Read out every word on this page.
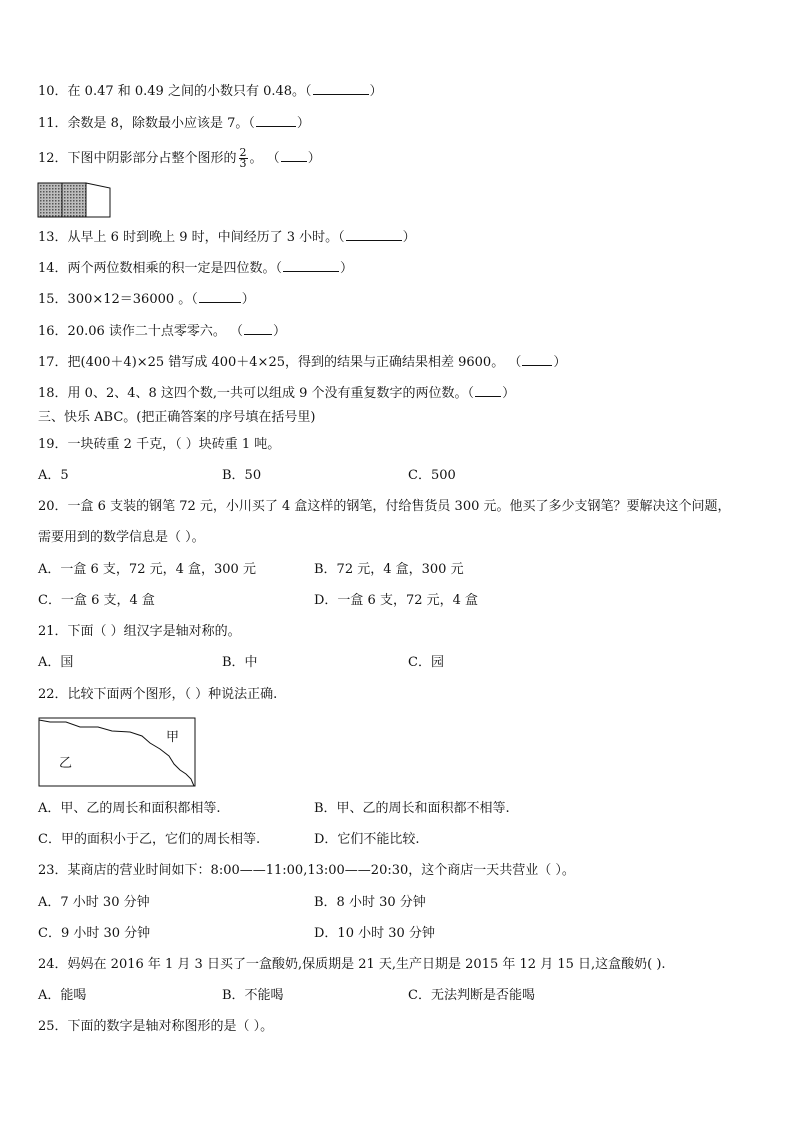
10．在 0.47 和 0.49 之间的小数只有 0.48。（	）
11．余数是 8，除数最小应该是 7。（	）
12．下图中阴影部分占整个图形的 $\frac{2}{3}$ 。 （ ）
13．从早上 6 时到晚上 9 时，中间经历了 3 小时。（	）
14．两个两位数相乘的积一定是四位数。（	）
15．300×12＝36000 。（	）
16．20.06 读作二十点零零六。 （ ）
17．把(400＋4)×25 错写成 400＋4×25，得到的结果与正确结果相差 9600。 （ ）
18．用 0、2、4、8 这四个数,一共可以组成 9 个没有重复数字的两位数。（ ）
三、快乐 ABC。(把正确答案的序号填在括号里)
19．一块砖重 2 千克，（ ）块砖重 1 吨。
A．5	B．50	C．500
20．一盒 6 支装的钢笔 72 元，小川买了 4 盒这样的钢笔，付给售货员 300 元。他买了多少支钢笔？要解决这个问题，
需要用到的数学信息是（ ）。
A．一盒 6 支，72 元，4 盒，300 元	B．72 元，4 盒，300 元
C．一盒 6 支，4 盒	D．一盒 6 支，72 元，4 盒
21．下面（ ）组汉字是轴对称的。
A．国	B．中	C．园
22．比较下面两个图形，（ ）种说法正确.
甲
乙
A．甲、乙的周长和面积都相等.	B．甲、乙的周长和面积都不相等.
C．甲的面积小于乙，它们的周长相等.	D．它们不能比较.
23．某商店的营业时间如下：8:00——11:00,13:00——20:30，这个商店一天共营业（ ）。
A．7 小时 30 分钟	B．8 小时 30 分钟
C．9 小时 30 分钟	D．10 小时 30 分钟
24．妈妈在 2016 年 1 月 3 日买了一盒酸奶,保质期是 21 天,生产日期是 2015 年 12 月 15 日,这盒酸奶( ).
A．能喝	B．不能喝	C．无法判断是否能喝
25．下面的数字是轴对称图形的是（ ）。
